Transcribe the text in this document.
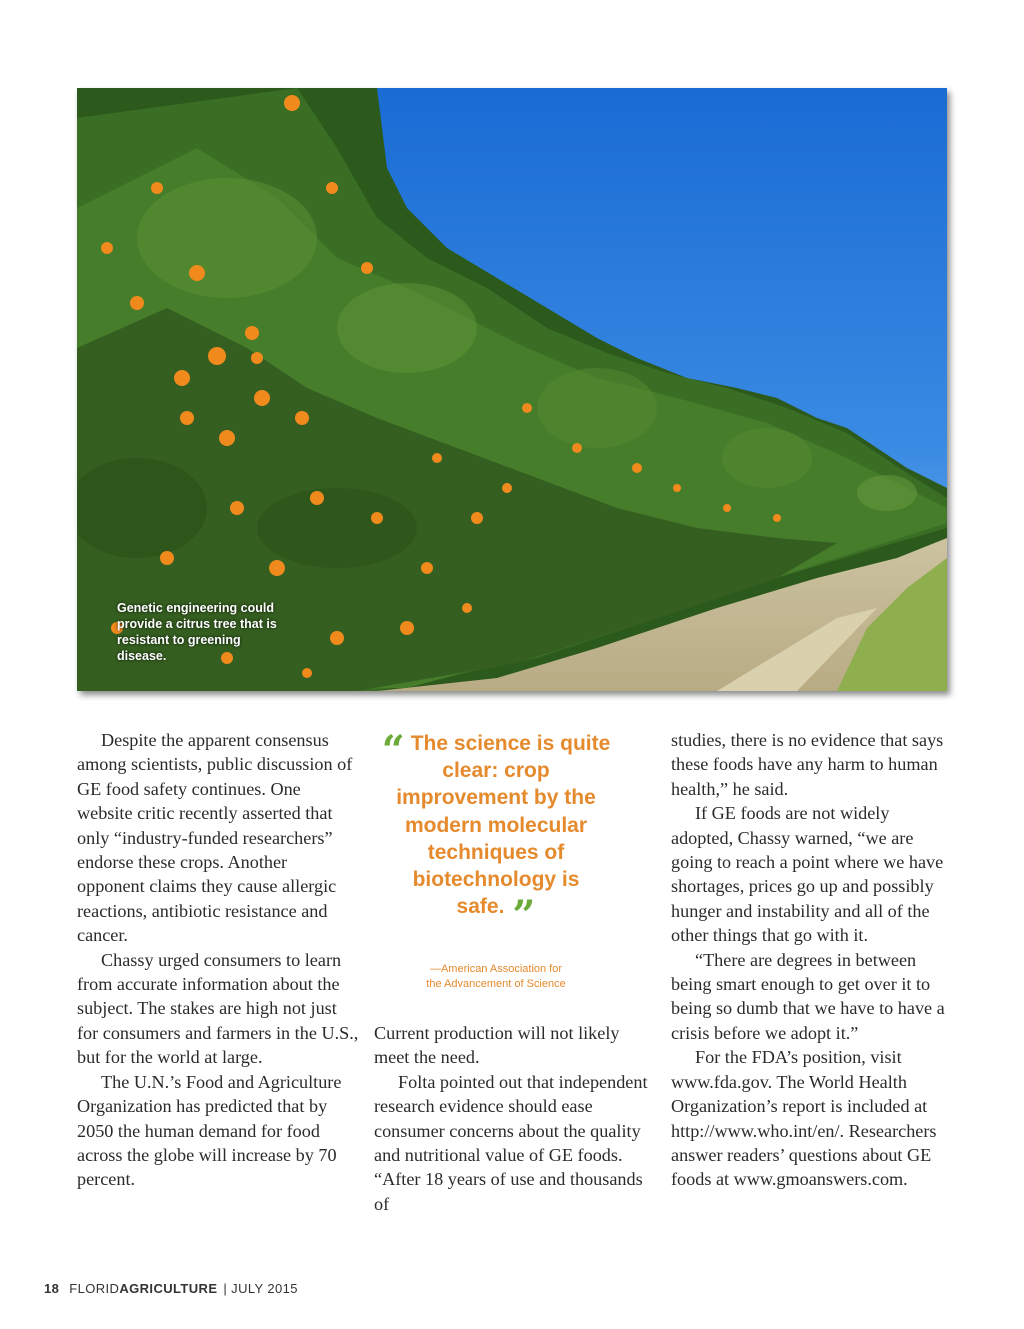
Genetic engineering could provide a citrus tree that is resistant to greening disease.

Despite the apparent consensus among scientists, public discussion of GE food safety continues. One website critic recently asserted that only “industry-funded researchers” endorse these crops. Another opponent claims they cause allergic reactions, antibiotic resistance and cancer.

Chassy urged consumers to learn from accurate information about the subject. The stakes are high not just for consumers and farmers in the U.S., but for the world at large.

The U.N.’s Food and Agriculture Organization has predicted that by 2050 the human demand for food across the globe will increase by 70 percent.

“ The science is quite clear: crop improvement by the modern molecular techniques of biotechnology is safe. ”
—American Association for
the Advancement of Science

Current production will not likely meet the need.

Folta pointed out that independent research evidence should ease consumer concerns about the quality and nutritional value of GE foods. “After 18 years of use and thousands of

studies, there is no evidence that says these foods have any harm to human health,” he said.

If GE foods are not widely adopted, Chassy warned, “we are going to reach a point where we have shortages, prices go up and possibly hunger and instability and all of the other things that go with it.

“There are degrees in between being smart enough to get over it to being so dumb that we have to have a crisis before we adopt it.”

For the FDA’s position, visit www.fda.gov. The World Health Organization’s report is included at http://www.who.int/en/. Researchers answer readers’ questions about GE foods at www.gmoanswers.com.

18 FLORIDAGRICULTURE | JULY 2015
